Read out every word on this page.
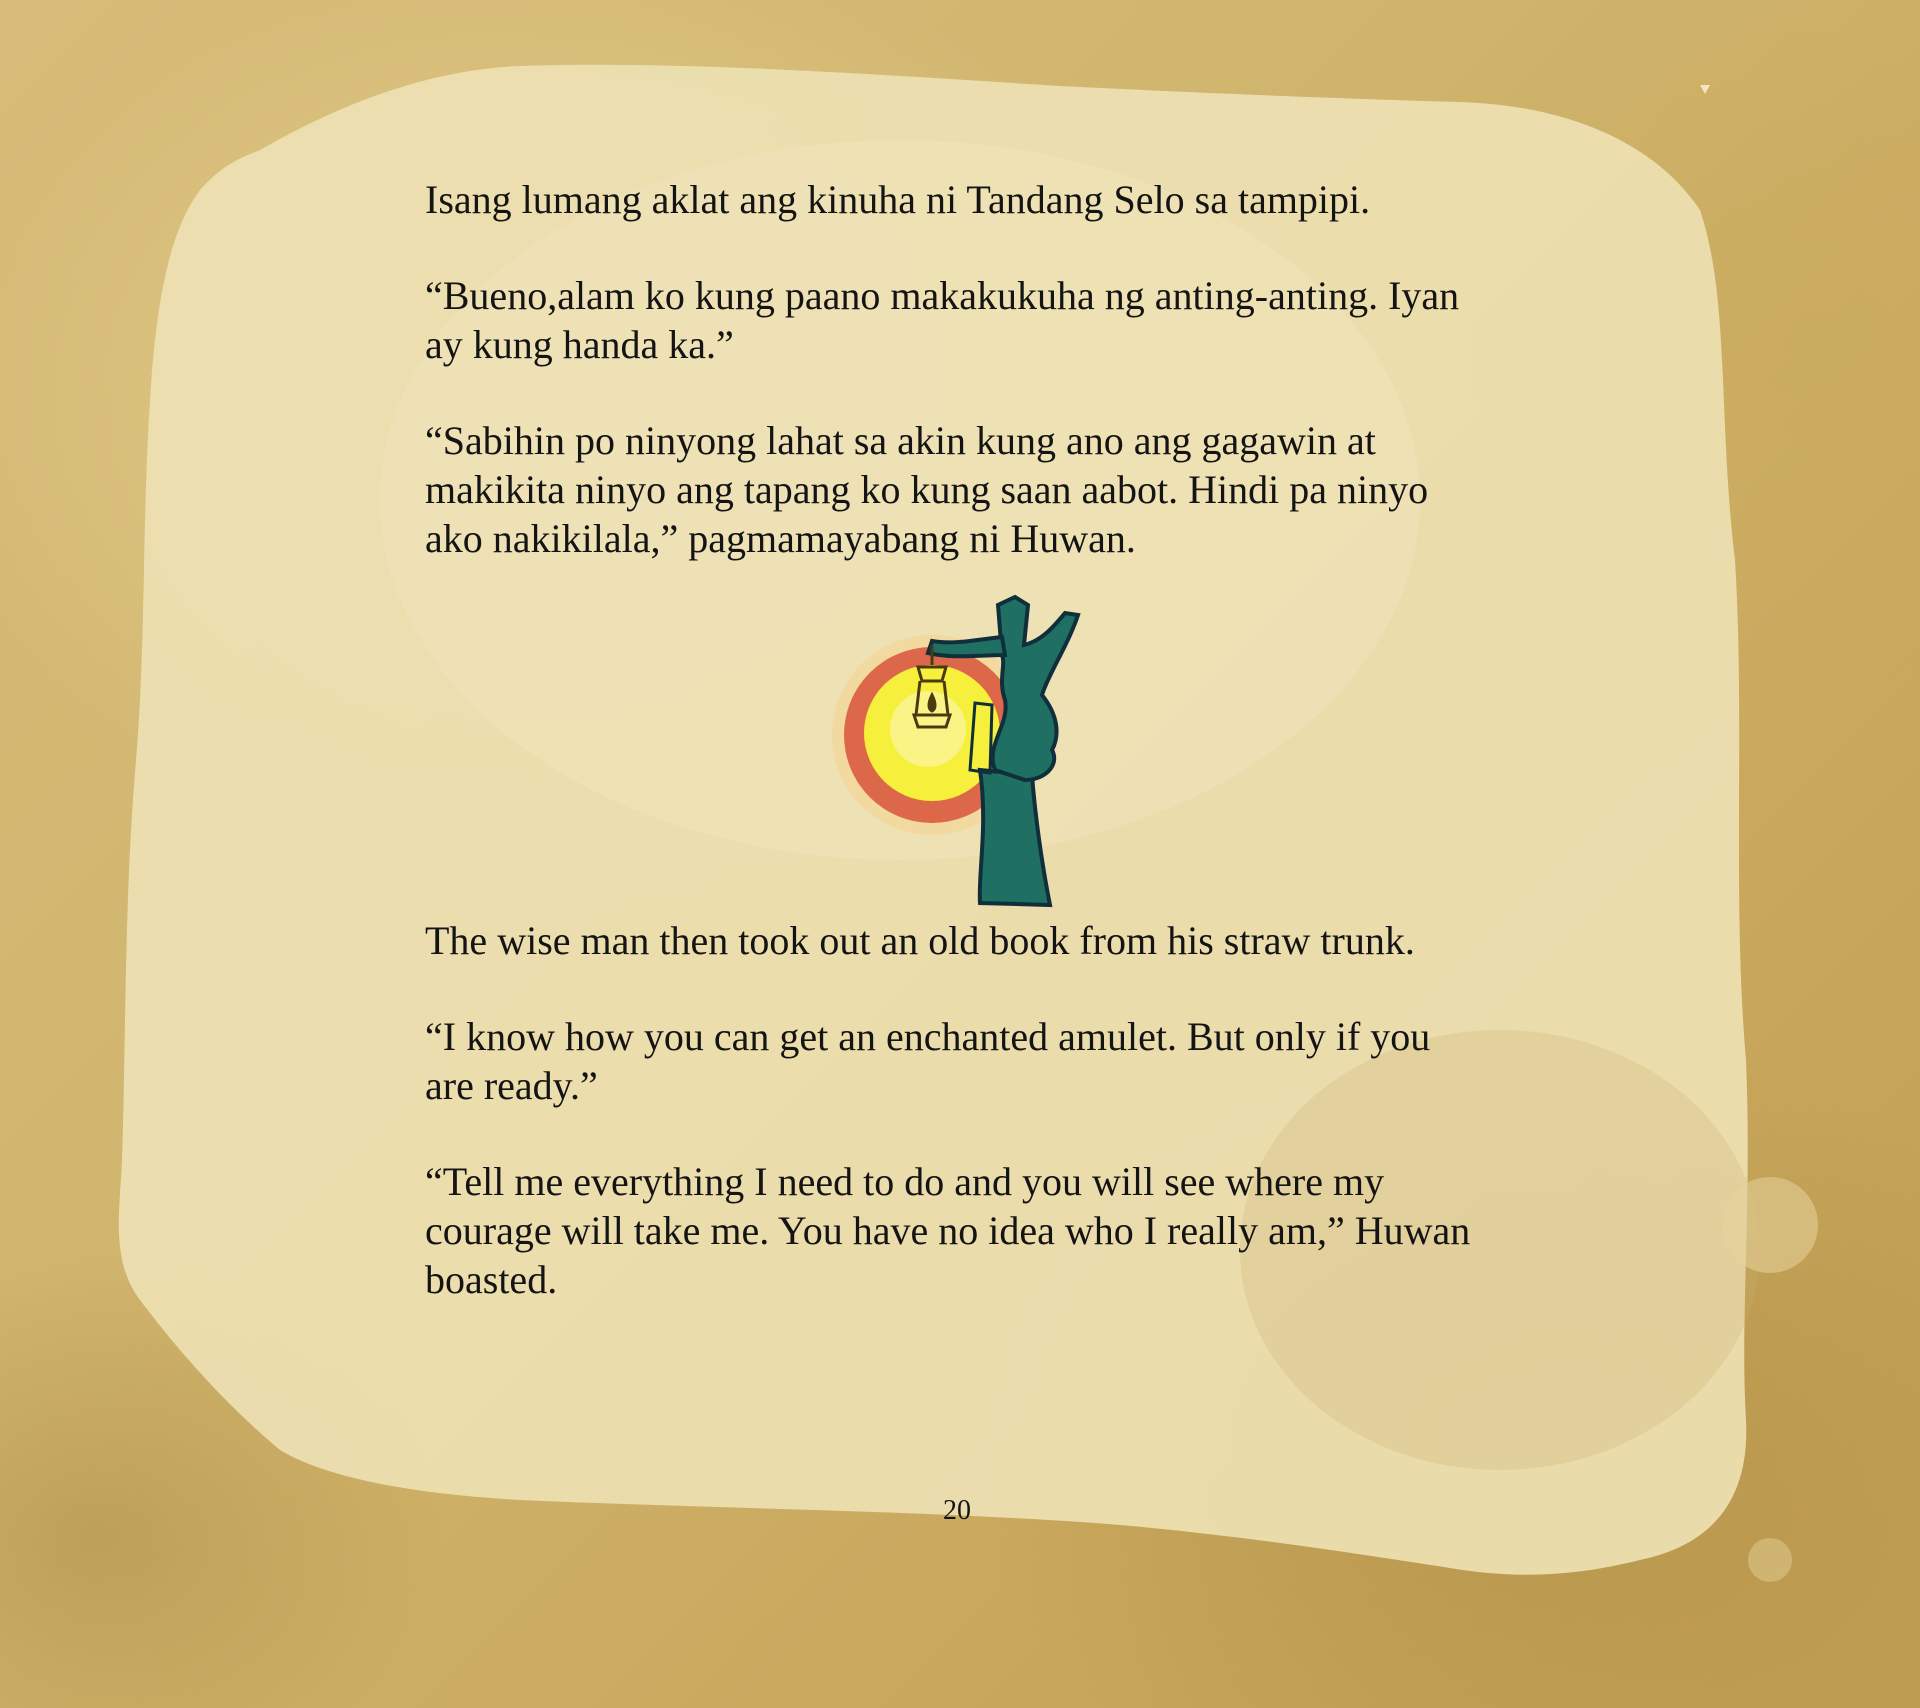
Isang lumang aklat ang kinuha ni Tandang Selo sa tampipi.

“Bueno,alam ko kung paano makakukuha ng anting-anting. Iyan
ay kung handa ka.”

“Sabihin po ninyong lahat sa akin kung ano ang gagawin at
makikita ninyo ang tapang ko kung saan aabot. Hindi pa ninyo
ako nakikilala,” pagmamayabang ni Huwan.

The wise man then took out an old book from his straw trunk.

“I know how you can get an enchanted amulet. But only if you
are ready.”

“Tell me everything I need to do and you will see where my
courage will take me. You have no idea who I really am,” Huwan
boasted.

20
